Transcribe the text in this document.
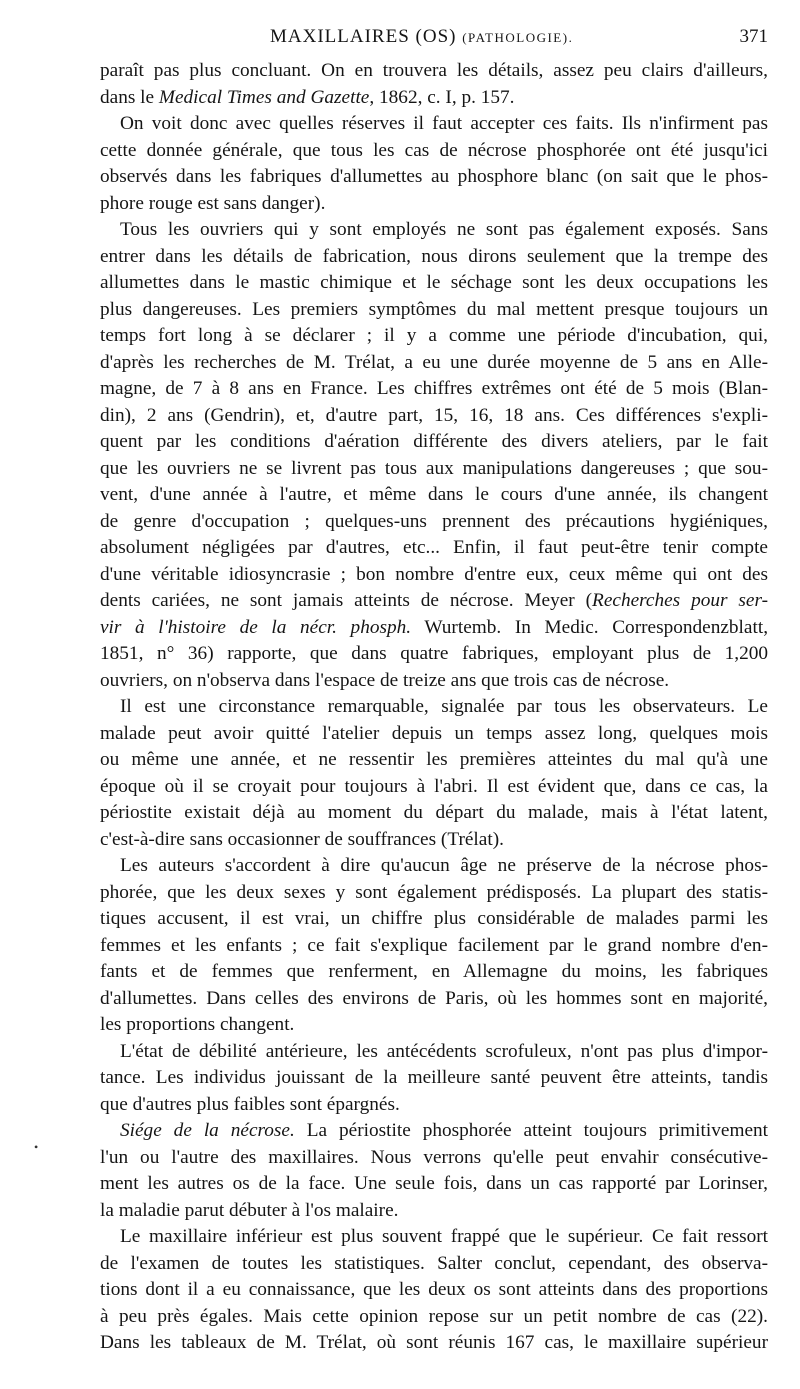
MAXILLAIRES (OS) (PATHOLOGIE).	371
paraît pas plus concluant. On en trouvera les détails, assez peu clairs d'ailleurs,
dans le Medical Times and Gazette, 1862, c. I, p. 157.
On voit donc avec quelles réserves il faut accepter ces faits. Ils n'infirment pas
cette donnée générale, que tous les cas de nécrose phosphorée ont été jusqu'ici
observés dans les fabriques d'allumettes au phosphore blanc (on sait que le phos-
phore rouge est sans danger).
Tous les ouvriers qui y sont employés ne sont pas également exposés. Sans
entrer dans les détails de fabrication, nous dirons seulement que la trempe des
allumettes dans le mastic chimique et le séchage sont les deux occupations les
plus dangereuses. Les premiers symptômes du mal mettent presque toujours un
temps fort long à se déclarer ; il y a comme une période d'incubation, qui,
d'après les recherches de M. Trélat, a eu une durée moyenne de 5 ans en Alle-
magne, de 7 à 8 ans en France. Les chiffres extrêmes ont été de 5 mois (Blan-
din), 2 ans (Gendrin), et, d'autre part, 15, 16, 18 ans. Ces différences s'expli-
quent par les conditions d'aération différente des divers ateliers, par le fait
que les ouvriers ne se livrent pas tous aux manipulations dangereuses ; que sou-
vent, d'une année à l'autre, et même dans le cours d'une année, ils changent
de genre d'occupation ; quelques-uns prennent des précautions hygiéniques,
absolument négligées par d'autres, etc... Enfin, il faut peut-être tenir compte
d'une véritable idiosyncrasie ; bon nombre d'entre eux, ceux même qui ont des
dents cariées, ne sont jamais atteints de nécrose. Meyer (Recherches pour ser-
vir à l'histoire de la nécr. phosph. Wurtemb. In Medic. Correspondenzblatt,
1851, n° 36) rapporte, que dans quatre fabriques, employant plus de 1,200
ouvriers, on n'observa dans l'espace de treize ans que trois cas de nécrose.
Il est une circonstance remarquable, signalée par tous les observateurs. Le
malade peut avoir quitté l'atelier depuis un temps assez long, quelques mois
ou même une année, et ne ressentir les premières atteintes du mal qu'à une
époque où il se croyait pour toujours à l'abri. Il est évident que, dans ce cas, la
périostite existait déjà au moment du départ du malade, mais à l'état latent,
c'est-à-dire sans occasionner de souffrances (Trélat).
Les auteurs s'accordent à dire qu'aucun âge ne préserve de la nécrose phos-
phorée, que les deux sexes y sont également prédisposés. La plupart des statis-
tiques accusent, il est vrai, un chiffre plus considérable de malades parmi les
femmes et les enfants ; ce fait s'explique facilement par le grand nombre d'en-
fants et de femmes que renferment, en Allemagne du moins, les fabriques
d'allumettes. Dans celles des environs de Paris, où les hommes sont en majorité,
les proportions changent.
L'état de débilité antérieure, les antécédents scrofuleux, n'ont pas plus d'impor-
tance. Les individus jouissant de la meilleure santé peuvent être atteints, tandis
que d'autres plus faibles sont épargnés.
Siége de la nécrose. La périostite phosphorée atteint toujours primitivement
l'un ou l'autre des maxillaires. Nous verrons qu'elle peut envahir consécutive-
ment les autres os de la face. Une seule fois, dans un cas rapporté par Lorinser,
la maladie parut débuter à l'os malaire.
Le maxillaire inférieur est plus souvent frappé que le supérieur. Ce fait ressort
de l'examen de toutes les statistiques. Salter conclut, cependant, des observa-
tions dont il a eu connaissance, que les deux os sont atteints dans des proportions
à peu près égales. Mais cette opinion repose sur un petit nombre de cas (22).
Dans les tableaux de M. Trélat, où sont réunis 167 cas, le maxillaire supérieur
•
